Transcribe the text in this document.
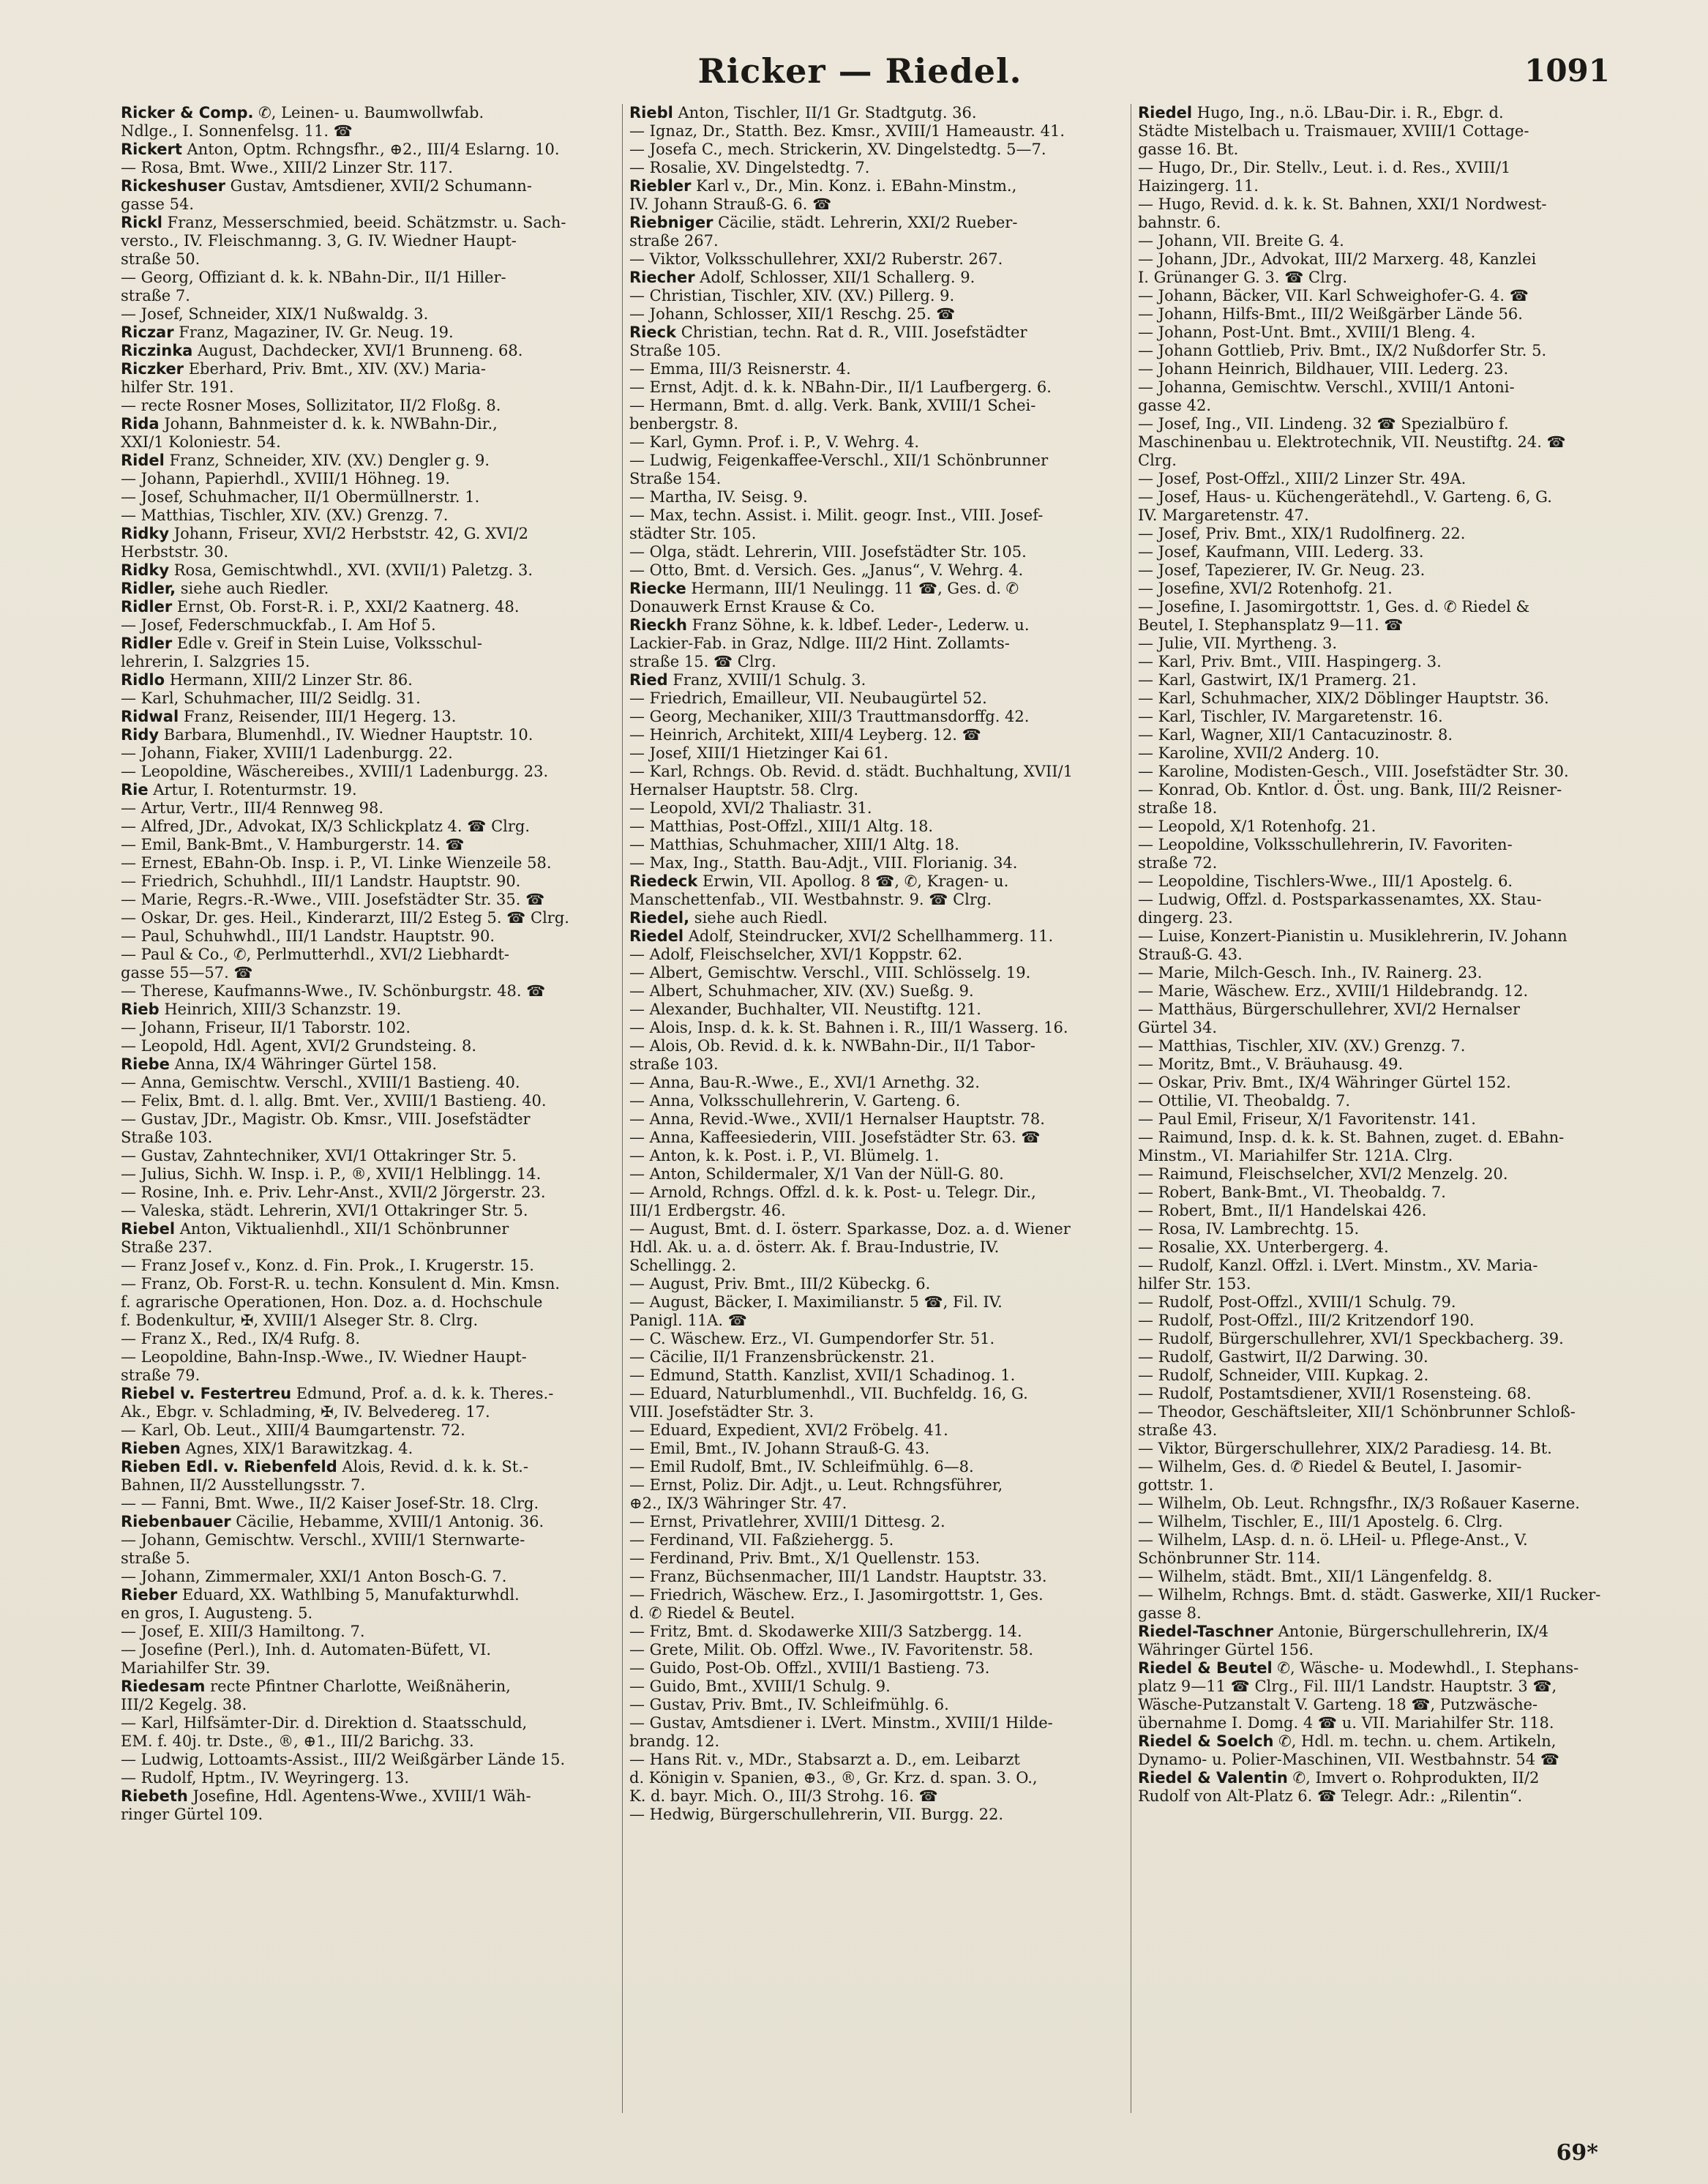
Ricker — Riedel.	1091

Ricker & Comp. ✆, Leinen- u. Baumwollwfab.

Ndlge., I. Sonnenfelsg. 11. ☎

Rickert Anton, Optm. Rchngsfhr., ⊕2., III/4 Eslarng. 10.

— Rosa, Bmt. Wwe., XIII/2 Linzer Str. 117.

Rickeshuser Gustav, Amtsdiener, XVII/2 Schumann-

gasse 54.

Rickl Franz, Messerschmied, beeid. Schätzmstr. u. Sach-

versto., IV. Fleischmanng. 3, G. IV. Wiedner Haupt-

straße 50.

— Georg, Offiziant d. k. k. NBahn-Dir., II/1 Hiller-

straße 7.

— Josef, Schneider, XIX/1 Nußwaldg. 3.

Riczar Franz, Magaziner, IV. Gr. Neug. 19.

Riczinka August, Dachdecker, XVI/1 Brunneng. 68.

Riczker Eberhard, Priv. Bmt., XIV. (XV.) Maria-

hilfer Str. 191.

— recte Rosner Moses, Sollizitator, II/2 Floßg. 8.

Rida Johann, Bahnmeister d. k. k. NWBahn-Dir.,

XXI/1 Koloniestr. 54.

Ridel Franz, Schneider, XIV. (XV.) Dengler g. 9.

— Johann, Papierhdl., XVIII/1 Höhneg. 19.

— Josef, Schuhmacher, II/1 Obermüllnerstr. 1.

— Matthias, Tischler, XIV. (XV.) Grenzg. 7.

Ridky Johann, Friseur, XVI/2 Herbststr. 42, G. XVI/2

Herbststr. 30.

Ridky Rosa, Gemischtwhdl., XVI. (XVII/1) Paletzg. 3.

Ridler, siehe auch Riedler.

Ridler Ernst, Ob. Forst-R. i. P., XXI/2 Kaatnerg. 48.

— Josef, Federschmuckfab., I. Am Hof 5.

Ridler Edle v. Greif in Stein Luise, Volksschul-

lehrerin, I. Salzgries 15.

Ridlo Hermann, XIII/2 Linzer Str. 86.

— Karl, Schuhmacher, III/2 Seidlg. 31.

Ridwal Franz, Reisender, III/1 Hegerg. 13.

Ridy Barbara, Blumenhdl., IV. Wiedner Hauptstr. 10.

— Johann, Fiaker, XVIII/1 Ladenburgg. 22.

— Leopoldine, Wäschereibes., XVIII/1 Ladenburgg. 23.

Rie Artur, I. Rotenturmstr. 19.

— Artur, Vertr., III/4 Rennweg 98.

— Alfred, JDr., Advokat, IX/3 Schlickplatz 4. ☎ Clrg.

— Emil, Bank-Bmt., V. Hamburgerstr. 14. ☎

— Ernest, EBahn-Ob. Insp. i. P., VI. Linke Wienzeile 58.

— Friedrich, Schuhhdl., III/1 Landstr. Hauptstr. 90.

— Marie, Regrs.-R.-Wwe., VIII. Josefstädter Str. 35. ☎

— Oskar, Dr. ges. Heil., Kinderarzt, III/2 Esteg 5. ☎ Clrg.

— Paul, Schuhwhdl., III/1 Landstr. Hauptstr. 90.

— Paul & Co., ✆, Perlmutterhdl., XVI/2 Liebhardt-

gasse 55—57. ☎

— Therese, Kaufmanns-Wwe., IV. Schönburgstr. 48. ☎

Rieb Heinrich, XIII/3 Schanzstr. 19.

— Johann, Friseur, II/1 Taborstr. 102.

— Leopold, Hdl. Agent, XVI/2 Grundsteing. 8.

Riebe Anna, IX/4 Währinger Gürtel 158.

— Anna, Gemischtw. Verschl., XVIII/1 Bastieng. 40.

— Felix, Bmt. d. l. allg. Bmt. Ver., XVIII/1 Bastieng. 40.

— Gustav, JDr., Magistr. Ob. Kmsr., VIII. Josefstädter

Straße 103.

— Gustav, Zahntechniker, XVI/1 Ottakringer Str. 5.

— Julius, Sichh. W. Insp. i. P., ®, XVII/1 Helblingg. 14.

— Rosine, Inh. e. Priv. Lehr-Anst., XVII/2 Jörgerstr. 23.

— Valeska, städt. Lehrerin, XVI/1 Ottakringer Str. 5.

Riebel Anton, Viktualienhdl., XII/1 Schönbrunner

Straße 237.

— Franz Josef v., Konz. d. Fin. Prok., I. Krugerstr. 15.

— Franz, Ob. Forst-R. u. techn. Konsulent d. Min. Kmsn.

f. agrarische Operationen, Hon. Doz. a. d. Hochschule

f. Bodenkultur, ✠, XVIII/1 Alseger Str. 8. Clrg.

— Franz X., Red., IX/4 Rufg. 8.

— Leopoldine, Bahn-Insp.-Wwe., IV. Wiedner Haupt-

straße 79.

Riebel v. Festertreu Edmund, Prof. a. d. k. k. Theres.-

Ak., Ebgr. v. Schladming, ✠, IV. Belvedereg. 17.

— Karl, Ob. Leut., XIII/4 Baumgartenstr. 72.

Rieben Agnes, XIX/1 Barawitzkag. 4.

Rieben Edl. v. Riebenfeld Alois, Revid. d. k. k. St.-

Bahnen, II/2 Ausstellungsstr. 7.

— — Fanni, Bmt. Wwe., II/2 Kaiser Josef-Str. 18. Clrg.

Riebenbauer Cäcilie, Hebamme, XVIII/1 Antonig. 36.

— Johann, Gemischtw. Verschl., XVIII/1 Sternwarte-

straße 5.

— Johann, Zimmermaler, XXI/1 Anton Bosch-G. 7.

Rieber Eduard, XX. Wathlbing 5, Manufakturwhdl.

en gros, I. Augusteng. 5.

— Josef, E. XIII/3 Hamiltong. 7.

— Josefine (Perl.), Inh. d. Automaten-Büfett, VI.

Mariahilfer Str. 39.

Riedesam recte Pfintner Charlotte, Weißnäherin,

III/2 Kegelg. 38.

— Karl, Hilfsämter-Dir. d. Direktion d. Staatsschuld,

EM. f. 40j. tr. Dste., ®, ⊕1., III/2 Barichg. 33.

— Ludwig, Lottoamts-Assist., III/2 Weißgärber Lände 15.

— Rudolf, Hptm., IV. Weyringerg. 13.

Riebeth Josefine, Hdl. Agentens-Wwe., XVIII/1 Wäh-

ringer Gürtel 109.

Riebl Anton, Tischler, II/1 Gr. Stadtgutg. 36.

— Ignaz, Dr., Statth. Bez. Kmsr., XVIII/1 Hameaustr. 41.

— Josefa C., mech. Strickerin, XV. Dingelstedtg. 5—7.

— Rosalie, XV. Dingelstedtg. 7.

Riebler Karl v., Dr., Min. Konz. i. EBahn-Minstm.,

IV. Johann Strauß-G. 6. ☎

Riebniger Cäcilie, städt. Lehrerin, XXI/2 Rueber-

straße 267.

— Viktor, Volksschullehrer, XXI/2 Ruberstr. 267.

Riecher Adolf, Schlosser, XII/1 Schallerg. 9.

— Christian, Tischler, XIV. (XV.) Pillerg. 9.

— Johann, Schlosser, XII/1 Reschg. 25. ☎

Rieck Christian, techn. Rat d. R., VIII. Josefstädter

Straße 105.

— Emma, III/3 Reisnerstr. 4.

— Ernst, Adjt. d. k. k. NBahn-Dir., II/1 Laufbergerg. 6.

— Hermann, Bmt. d. allg. Verk. Bank, XVIII/1 Schei-

benbergstr. 8.

— Karl, Gymn. Prof. i. P., V. Wehrg. 4.

— Ludwig, Feigenkaffee-Verschl., XII/1 Schönbrunner

Straße 154.

— Martha, IV. Seisg. 9.

— Max, techn. Assist. i. Milit. geogr. Inst., VIII. Josef-

städter Str. 105.

— Olga, städt. Lehrerin, VIII. Josefstädter Str. 105.

— Otto, Bmt. d. Versich. Ges. „Janus“, V. Wehrg. 4.

Riecke Hermann, III/1 Neulingg. 11 ☎, Ges. d. ✆

Donauwerk Ernst Krause & Co.

Rieckh Franz Söhne, k. k. ldbef. Leder-, Lederw. u.

Lackier-Fab. in Graz, Ndlge. III/2 Hint. Zollamts-

straße 15. ☎ Clrg.

Ried Franz, XVIII/1 Schulg. 3.

— Friedrich, Emailleur, VII. Neubaugürtel 52.

— Georg, Mechaniker, XIII/3 Trauttmansdorffg. 42.

— Heinrich, Architekt, XIII/4 Leyberg. 12. ☎

— Josef, XIII/1 Hietzinger Kai 61.

— Karl, Rchngs. Ob. Revid. d. städt. Buchhaltung, XVII/1

Hernalser Hauptstr. 58. Clrg.

— Leopold, XVI/2 Thaliastr. 31.

— Matthias, Post-Offzl., XIII/1 Altg. 18.

— Matthias, Schuhmacher, XIII/1 Altg. 18.

— Max, Ing., Statth. Bau-Adjt., VIII. Florianig. 34.

Riedeck Erwin, VII. Apollog. 8 ☎, ✆, Kragen- u.

Manschettenfab., VII. Westbahnstr. 9. ☎ Clrg.

Riedel, siehe auch Riedl.

Riedel Adolf, Steindrucker, XVI/2 Schellhammerg. 11.

— Adolf, Fleischselcher, XVI/1 Koppstr. 62.

— Albert, Gemischtw. Verschl., VIII. Schlösselg. 19.

— Albert, Schuhmacher, XIV. (XV.) Sueßg. 9.

— Alexander, Buchhalter, VII. Neustiftg. 121.

— Alois, Insp. d. k. k. St. Bahnen i. R., III/1 Wasserg. 16.

— Alois, Ob. Revid. d. k. k. NWBahn-Dir., II/1 Tabor-

straße 103.

— Anna, Bau-R.-Wwe., E., XVI/1 Arnethg. 32.

— Anna, Volksschullehrerin, V. Garteng. 6.

— Anna, Revid.-Wwe., XVII/1 Hernalser Hauptstr. 78.

— Anna, Kaffeesiederin, VIII. Josefstädter Str. 63. ☎

— Anton, k. k. Post. i. P., VI. Blümelg. 1.

— Anton, Schildermaler, X/1 Van der Nüll-G. 80.

— Arnold, Rchngs. Offzl. d. k. k. Post- u. Telegr. Dir.,

III/1 Erdbergstr. 46.

— August, Bmt. d. I. österr. Sparkasse, Doz. a. d. Wiener

Hdl. Ak. u. a. d. österr. Ak. f. Brau-Industrie, IV.

Schellingg. 2.

— August, Priv. Bmt., III/2 Kübeckg. 6.

— August, Bäcker, I. Maximilianstr. 5 ☎, Fil. IV.

Panigl. 11A. ☎

— C. Wäschew. Erz., VI. Gumpendorfer Str. 51.

— Cäcilie, II/1 Franzensbrückenstr. 21.

— Edmund, Statth. Kanzlist, XVII/1 Schadinog. 1.

— Eduard, Naturblumenhdl., VII. Buchfeldg. 16, G.

VIII. Josefstädter Str. 3.

— Eduard, Expedient, XVI/2 Fröbelg. 41.

— Emil, Bmt., IV. Johann Strauß-G. 43.

— Emil Rudolf, Bmt., IV. Schleifmühlg. 6—8.

— Ernst, Poliz. Dir. Adjt., u. Leut. Rchngsführer,

⊕2., IX/3 Währinger Str. 47.

— Ernst, Privatlehrer, XVIII/1 Dittesg. 2.

— Ferdinand, VII. Faßziehergg. 5.

— Ferdinand, Priv. Bmt., X/1 Quellenstr. 153.

— Franz, Büchsenmacher, III/1 Landstr. Hauptstr. 33.

— Friedrich, Wäschew. Erz., I. Jasomirgottstr. 1, Ges.

d. ✆ Riedel & Beutel.

— Fritz, Bmt. d. Skodawerke XIII/3 Satzbergg. 14.

— Grete, Milit. Ob. Offzl. Wwe., IV. Favoritenstr. 58.

— Guido, Post-Ob. Offzl., XVIII/1 Bastieng. 73.

— Guido, Bmt., XVIII/1 Schulg. 9.

— Gustav, Priv. Bmt., IV. Schleifmühlg. 6.

— Gustav, Amtsdiener i. LVert. Minstm., XVIII/1 Hilde-

brandg. 12.

— Hans Rit. v., MDr., Stabsarzt a. D., em. Leibarzt

d. Königin v. Spanien, ⊕3., ®, Gr. Krz. d. span. 3. O.,

K. d. bayr. Mich. O., III/3 Strohg. 16. ☎

— Hedwig, Bürgerschullehrerin, VII. Burgg. 22.

Riedel Hugo, Ing., n.ö. LBau-Dir. i. R., Ebgr. d.

Städte Mistelbach u. Traismauer, XVIII/1 Cottage-

gasse 16. Bt.

— Hugo, Dr., Dir. Stellv., Leut. i. d. Res., XVIII/1

Haizingerg. 11.

— Hugo, Revid. d. k. k. St. Bahnen, XXI/1 Nordwest-

bahnstr. 6.

— Johann, VII. Breite G. 4.

— Johann, JDr., Advokat, III/2 Marxerg. 48, Kanzlei

I. Grünanger G. 3. ☎ Clrg.

— Johann, Bäcker, VII. Karl Schweighofer-G. 4. ☎

— Johann, Hilfs-Bmt., III/2 Weißgärber Lände 56.

— Johann, Post-Unt. Bmt., XVIII/1 Bleng. 4.

— Johann Gottlieb, Priv. Bmt., IX/2 Nußdorfer Str. 5.

— Johann Heinrich, Bildhauer, VIII. Lederg. 23.

— Johanna, Gemischtw. Verschl., XVIII/1 Antoni-

gasse 42.

— Josef, Ing., VII. Lindeng. 32 ☎ Spezialbüro f.

Maschinenbau u. Elektrotechnik, VII. Neustiftg. 24. ☎

Clrg.

— Josef, Post-Offzl., XIII/2 Linzer Str. 49A.

— Josef, Haus- u. Küchengerätehdl., V. Garteng. 6, G.

IV. Margaretenstr. 47.

— Josef, Priv. Bmt., XIX/1 Rudolfinerg. 22.

— Josef, Kaufmann, VIII. Lederg. 33.

— Josef, Tapezierer, IV. Gr. Neug. 23.

— Josefine, XVI/2 Rotenhofg. 21.

— Josefine, I. Jasomirgottstr. 1, Ges. d. ✆ Riedel &

Beutel, I. Stephansplatz 9—11. ☎

— Julie, VII. Myrtheng. 3.

— Karl, Priv. Bmt., VIII. Haspingerg. 3.

— Karl, Gastwirt, IX/1 Pramerg. 21.

— Karl, Schuhmacher, XIX/2 Döblinger Hauptstr. 36.

— Karl, Tischler, IV. Margaretenstr. 16.

— Karl, Wagner, XII/1 Cantacuzinostr. 8.

— Karoline, XVII/2 Anderg. 10.

— Karoline, Modisten-Gesch., VIII. Josefstädter Str. 30.

— Konrad, Ob. Kntlor. d. Öst. ung. Bank, III/2 Reisner-

straße 18.

— Leopold, X/1 Rotenhofg. 21.

— Leopoldine, Volksschullehrerin, IV. Favoriten-

straße 72.

— Leopoldine, Tischlers-Wwe., III/1 Apostelg. 6.

— Ludwig, Offzl. d. Postsparkassenamtes, XX. Stau-

dingerg. 23.

— Luise, Konzert-Pianistin u. Musiklehrerin, IV. Johann

Strauß-G. 43.

— Marie, Milch-Gesch. Inh., IV. Rainerg. 23.

— Marie, Wäschew. Erz., XVIII/1 Hildebrandg. 12.

— Matthäus, Bürgerschullehrer, XVI/2 Hernalser

Gürtel 34.

— Matthias, Tischler, XIV. (XV.) Grenzg. 7.

— Moritz, Bmt., V. Bräuhausg. 49.

— Oskar, Priv. Bmt., IX/4 Währinger Gürtel 152.

— Ottilie, VI. Theobaldg. 7.

— Paul Emil, Friseur, X/1 Favoritenstr. 141.

— Raimund, Insp. d. k. k. St. Bahnen, zuget. d. EBahn-

Minstm., VI. Mariahilfer Str. 121A. Clrg.

— Raimund, Fleischselcher, XVI/2 Menzelg. 20.

— Robert, Bank-Bmt., VI. Theobaldg. 7.

— Robert, Bmt., II/1 Handelskai 426.

— Rosa, IV. Lambrechtg. 15.

— Rosalie, XX. Unterbergerg. 4.

— Rudolf, Kanzl. Offzl. i. LVert. Minstm., XV. Maria-

hilfer Str. 153.

— Rudolf, Post-Offzl., XVIII/1 Schulg. 79.

— Rudolf, Post-Offzl., III/2 Kritzendorf 190.

— Rudolf, Bürgerschullehrer, XVI/1 Speckbacherg. 39.

— Rudolf, Gastwirt, II/2 Darwing. 30.

— Rudolf, Schneider, VIII. Kupkag. 2.

— Rudolf, Postamtsdiener, XVII/1 Rosensteing. 68.

— Theodor, Geschäftsleiter, XII/1 Schönbrunner Schloß-

straße 43.

— Viktor, Bürgerschullehrer, XIX/2 Paradiesg. 14. Bt.

— Wilhelm, Ges. d. ✆ Riedel & Beutel, I. Jasomir-

gottstr. 1.

— Wilhelm, Ob. Leut. Rchngsfhr., IX/3 Roßauer Kaserne.

— Wilhelm, Tischler, E., III/1 Apostelg. 6. Clrg.

— Wilhelm, LAsp. d. n. ö. LHeil- u. Pflege-Anst., V.

Schönbrunner Str. 114.

— Wilhelm, städt. Bmt., XII/1 Längenfeldg. 8.

— Wilhelm, Rchngs. Bmt. d. städt. Gaswerke, XII/1 Rucker-

gasse 8.

Riedel-Taschner Antonie, Bürgerschullehrerin, IX/4

Währinger Gürtel 156.

Riedel & Beutel ✆, Wäsche- u. Modewhdl., I. Stephans-

platz 9—11 ☎ Clrg., Fil. III/1 Landstr. Hauptstr. 3 ☎,

Wäsche-Putzanstalt V. Garteng. 18 ☎, Putzwäsche-

übernahme I. Domg. 4 ☎ u. VII. Mariahilfer Str. 118.

Riedel & Soelch ✆, Hdl. m. techn. u. chem. Artikeln,

Dynamo- u. Polier-Maschinen, VII. Westbahnstr. 54 ☎

Riedel & Valentin ✆, Imvert o. Rohprodukten, II/2

Rudolf von Alt-Platz 6. ☎ Telegr. Adr.: „Rilentin“.

69*
